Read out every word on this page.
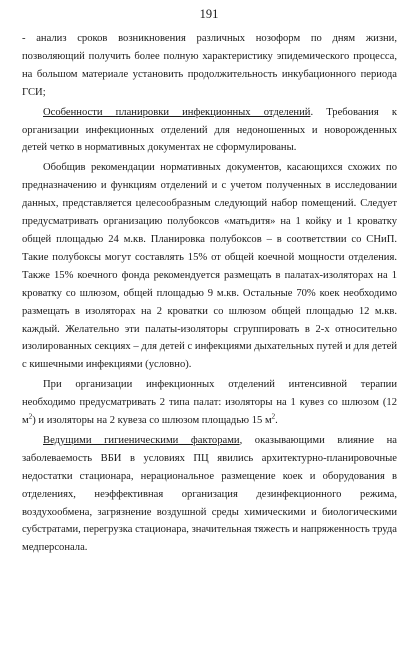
191

- анализ сроков возникновения различных нозоформ по дням жизни, позволяющий получить более полную характеристику эпидемического процесса, на большом материале установить продолжительность инкубационного периода ГСИ;

Особенности планировки инфекционных отделений. Требования к организации инфекционных отделений для недоношенных и новорожденных детей четко в нормативных документах не сформулированы.

Обобщив рекомендации нормативных документов, касающихся схожих по предназначению и функциям отделений и с учетом полученных в исследовании данных, представляется целесообразным следующий набор помещений. Следует предусматривать организацию полубоксов «матьдитя» на 1 койку и 1 кроватку общей площадью 24 м.кв. Планировка полубоксов – в соответствии со СНиП. Такие полубоксы могут составлять 15% от общей коечной мощности отделения. Также 15% коечного фонда рекомендуется размещать в палатах-изоляторах на 1 кроватку со шлюзом, общей площадью 9 м.кв. Остальные 70% коек необходимо размещать в изоляторах на 2 кроватки со шлюзом общей площадью 12 м.кв. каждый. Желательно эти палаты-изоляторы сгруппировать в 2-х относительно изолированных секциях – для детей с инфекциями дыхательных путей и для детей с кишечными инфекциями (условно).

При организации инфекционных отделений интенсивной терапии необходимо предусматривать 2 типа палат: изоляторы на 1 кувез со шлюзом (12 $м^2$) и изоляторы на 2 кувеза со шлюзом площадью 15 $м^2$.

Ведущими гигиеническими факторами, оказывающими влияние на заболеваемость ВБИ в условиях ПЦ явились архитектурно-планировочные недостатки стационара, нерациональное размещение коек и оборудования в отделениях, неэффективная организация дезинфекционного режима, воздухообмена, загрязнение воздушной среды химическими и биологическими субстратами, перегрузка стационара, значительная тяжесть и напряженность труда медперсонала.
